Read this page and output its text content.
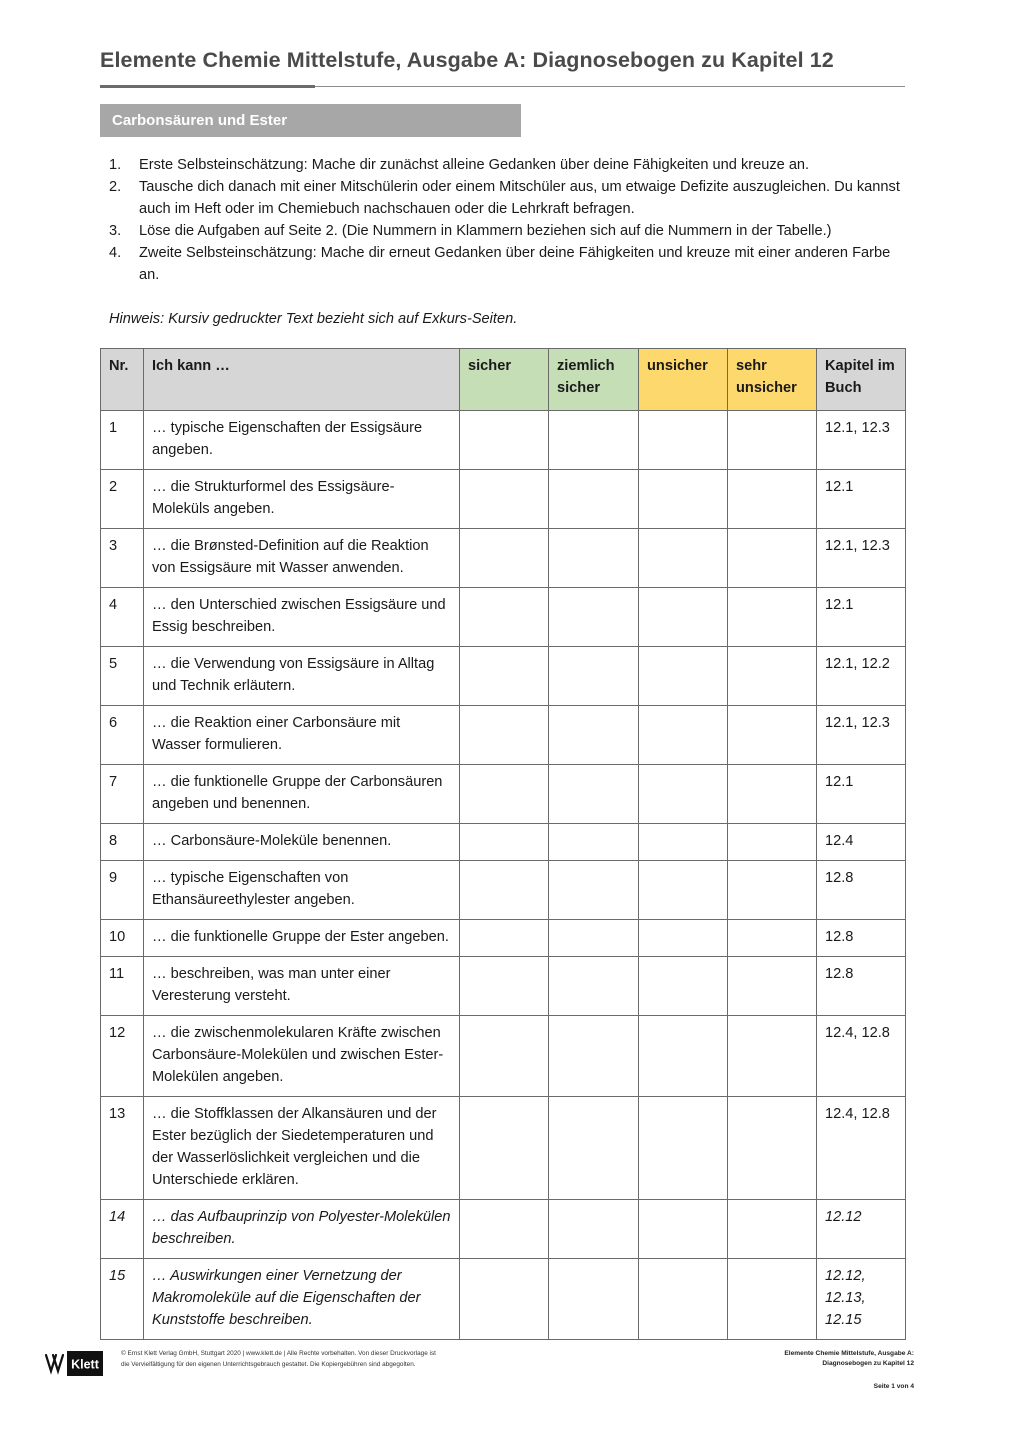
Elemente Chemie Mittelstufe, Ausgabe A: Diagnosebogen zu Kapitel 12
Carbonsäuren und Ester
1. Erste Selbsteinschätzung: Mache dir zunächst alleine Gedanken über deine Fähigkeiten und kreuze an.
2. Tausche dich danach mit einer Mitschülerin oder einem Mitschüler aus, um etwaige Defizite auszugleichen. Du kannst auch im Heft oder im Chemiebuch nachschauen oder die Lehrkraft befragen.
3. Löse die Aufgaben auf Seite 2. (Die Nummern in Klammern beziehen sich auf die Nummern in der Tabelle.)
4. Zweite Selbsteinschätzung: Mache dir erneut Gedanken über deine Fähigkeiten und kreuze mit einer anderen Farbe an.
Hinweis: Kursiv gedruckter Text bezieht sich auf Exkurs-Seiten.
Nr.	Ich kann …	sicher	ziemlich sicher	unsicher	sehr unsicher	Kapitel im Buch
1	… typische Eigenschaften der Essigsäure angeben.					12.1, 12.3
2	… die Strukturformel des Essigsäure-Moleküls angeben.					12.1
3	… die Brønsted-Definition auf die Reaktion von Essigsäure mit Wasser anwenden.					12.1, 12.3
4	… den Unterschied zwischen Essigsäure und Essig beschreiben.					12.1
5	… die Verwendung von Essigsäure in Alltag und Technik erläutern.					12.1, 12.2
6	… die Reaktion einer Carbonsäure mit Wasser formulieren.					12.1, 12.3
7	… die funktionelle Gruppe der Carbonsäuren angeben und benennen.					12.1
8	… Carbonsäure-Moleküle benennen.					12.4
9	… typische Eigenschaften von Ethansäureethylester angeben.					12.8
10	… die funktionelle Gruppe der Ester angeben.					12.8
11	… beschreiben, was man unter einer Veresterung versteht.					12.8
12	… die zwischenmolekularen Kräfte zwischen Carbonsäure-Molekülen und zwischen Ester-Molekülen angeben.					12.4, 12.8
13	… die Stoffklassen der Alkansäuren und der Ester bezüglich der Siedetemperaturen und der Wasserlöslichkeit vergleichen und die Unterschiede erklären.					12.4, 12.8
14	… das Aufbauprinzip von Polyester-Molekülen beschreiben.					12.12
15	… Auswirkungen einer Vernetzung der Makromoleküle auf die Eigenschaften der Kunststoffe beschreiben.					12.12, 12.13, 12.15
Klett
© Ernst Klett Verlag GmbH, Stuttgart 2020 | www.klett.de | Alle Rechte vorbehalten. Von dieser Druckvorlage ist die Vervielfältigung für den eigenen Unterrichtsgebrauch gestattet. Die Kopiergebühren sind abgegolten.
Elemente Chemie Mittelstufe, Ausgabe A:
Diagnosebogen zu Kapitel 12
Seite 1 von 4
